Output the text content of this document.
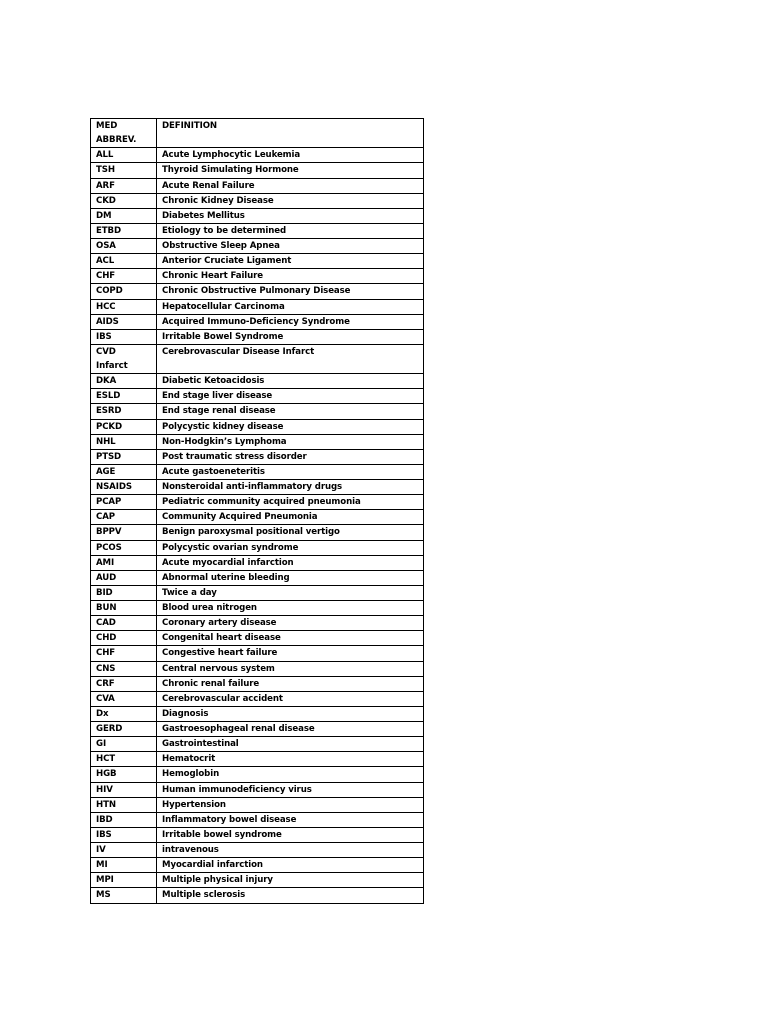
MED
ABBREV.	DEFINITION
ALL	Acute Lymphocytic Leukemia
TSH	Thyroid Simulating Hormone
ARF	Acute Renal Failure
CKD	Chronic Kidney Disease
DM	Diabetes Mellitus
ETBD	Etiology to be determined
OSA	Obstructive Sleep Apnea
ACL	Anterior Cruciate Ligament
CHF	Chronic Heart Failure
COPD	Chronic Obstructive Pulmonary Disease
HCC	Hepatocellular Carcinoma
AIDS	Acquired Immuno-Deficiency Syndrome
IBS	Irritable Bowel Syndrome

CVD
Infarct	Cerebrovascular Disease Infarct
DKA	Diabetic Ketoacidosis
ESLD	End stage liver disease
ESRD	End stage renal disease
PCKD	Polycystic kidney disease
NHL	Non-Hodgkin’s Lymphoma
PTSD	Post traumatic stress disorder
AGE	Acute gastoeneteritis
NSAIDS	Nonsteroidal anti-inflammatory drugs
PCAP	Pediatric community acquired pneumonia
CAP	Community Acquired Pneumonia
BPPV	Benign paroxysmal positional vertigo
PCOS	Polycystic ovarian syndrome
AMI	Acute myocardial infarction
AUD	Abnormal uterine bleeding
BID	Twice a day
BUN	Blood urea nitrogen
CAD	Coronary artery disease
CHD	Congenital heart disease
CHF	Congestive heart failure
CNS	Central nervous system
CRF	Chronic renal failure
CVA	Cerebrovascular accident
Dx	Diagnosis
GERD	Gastroesophageal renal disease
GI	Gastrointestinal
HCT	Hematocrit
HGB	Hemoglobin
HIV	Human immunodeficiency virus
HTN	Hypertension
IBD	Inflammatory bowel disease
IBS	Irritable bowel syndrome
IV	intravenous
MI	Myocardial infarction
MPI	Multiple physical injury
MS	Multiple sclerosis
